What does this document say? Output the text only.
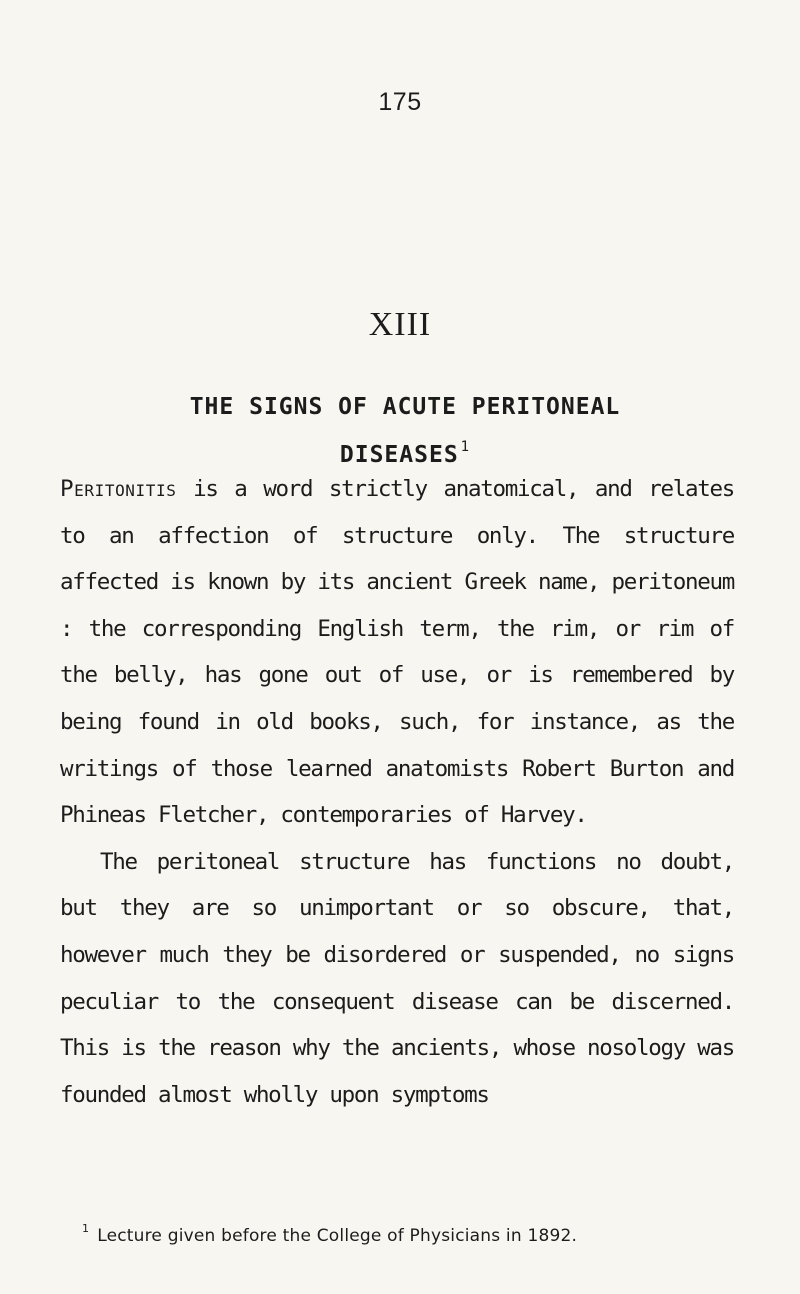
175
XIII
THE SIGNS OF ACUTE PERITONEAL
DISEASES $^1$

Peritonitis is a word strictly anatomical, and relates to an affection of structure only. The structure affected is known by its ancient Greek name, peritoneum : the corresponding English term, the rim, or rim of the belly, has gone out of use, or is remembered by being found in old books, such, for instance, as the writings of those learned anatomists Robert Burton and Phineas Fletcher, contemporaries of Harvey.

The peritoneal structure has functions no doubt, but they are so unimportant or so obscure, that, however much they be disordered or suspended, no signs peculiar to the consequent disease can be discerned. This is the reason why the ancients, whose nosology was founded almost wholly upon symptoms

$^1$ Lecture given before the College of Physicians in 1892.
